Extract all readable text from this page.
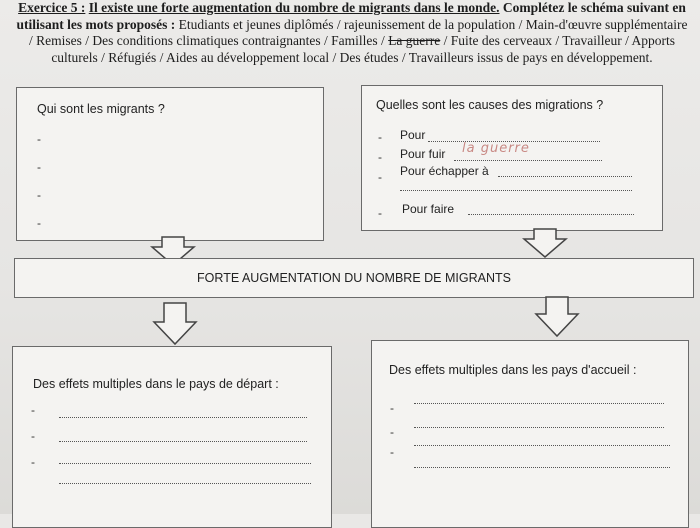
Exercice 5 : Il existe une forte augmentation du nombre de migrants dans le monde. Complétez le schéma suivant en utilisant les mots proposés : Etudiants et jeunes diplômés / rajeunissement de la population / Main-d'œuvre supplémentaire / Remises / Des conditions climatiques contraignantes / Familles / La guerre / Fuite des cerveaux / Travailleur / Apports culturels / Réfugiés / Aides au développement local / Des études / Travailleurs issus de pays en développement.
Qui sont les migrants ?
-
-
-
-
Quelles sont les causes des migrations ?
- Pour
- Pour fuir la guerre
- Pour échapper à
- Pour faire
FORTE AUGMENTATION DU NOMBRE DE MIGRANTS
Des effets multiples dans le pays de départ :
-
-
-
Des effets multiples dans les pays d'accueil :
-
-
-
